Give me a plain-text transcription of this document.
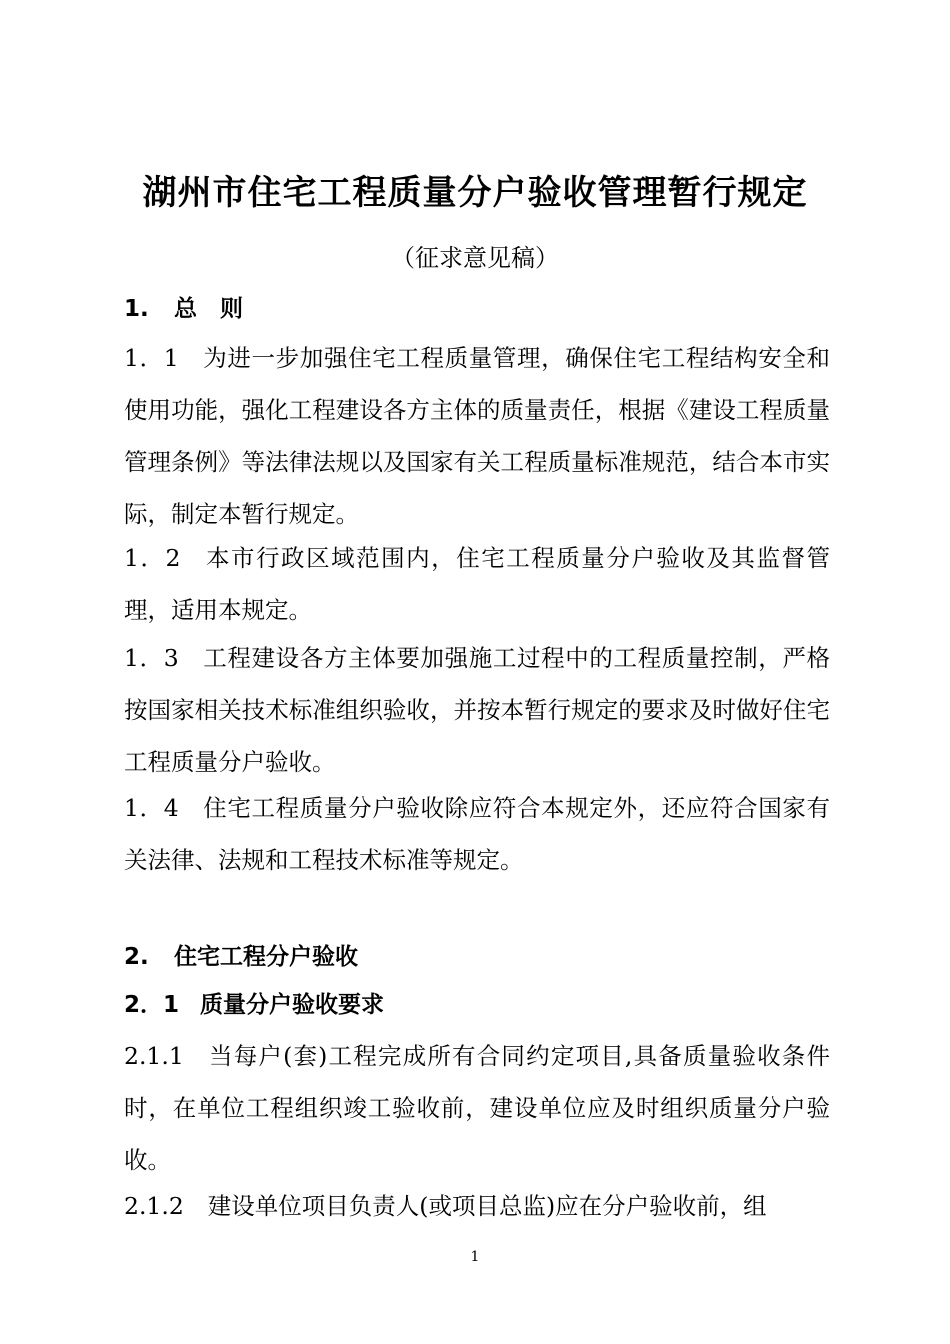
湖州市住宅工程质量分户验收管理暂行规定
（征求意见稿）
1. 总　则
1．1 为进一步加强住宅工程质量管理，确保住宅工程结构安全和使用功能，强化工程建设各方主体的质量责任，根据《建设工程质量管理条例》等法律法规以及国家有关工程质量标准规范，结合本市实际，制定本暂行规定。
1．2 本市行政区域范围内，住宅工程质量分户验收及其监督管理，适用本规定。
1．3 工程建设各方主体要加强施工过程中的工程质量控制，严格按国家相关技术标准组织验收，并按本暂行规定的要求及时做好住宅工程质量分户验收。
1．4 住宅工程质量分户验收除应符合本规定外，还应符合国家有关法律、法规和工程技术标准等规定。
2. 住宅工程分户验收
2．1 质量分户验收要求
2.1.1 当每户(套)工程完成所有合同约定项目,具备质量验收条件时，在单位工程组织竣工验收前，建设单位应及时组织质量分户验收。
2.1.2 建设单位项目负责人(或项目总监)应在分户验收前，组
1
